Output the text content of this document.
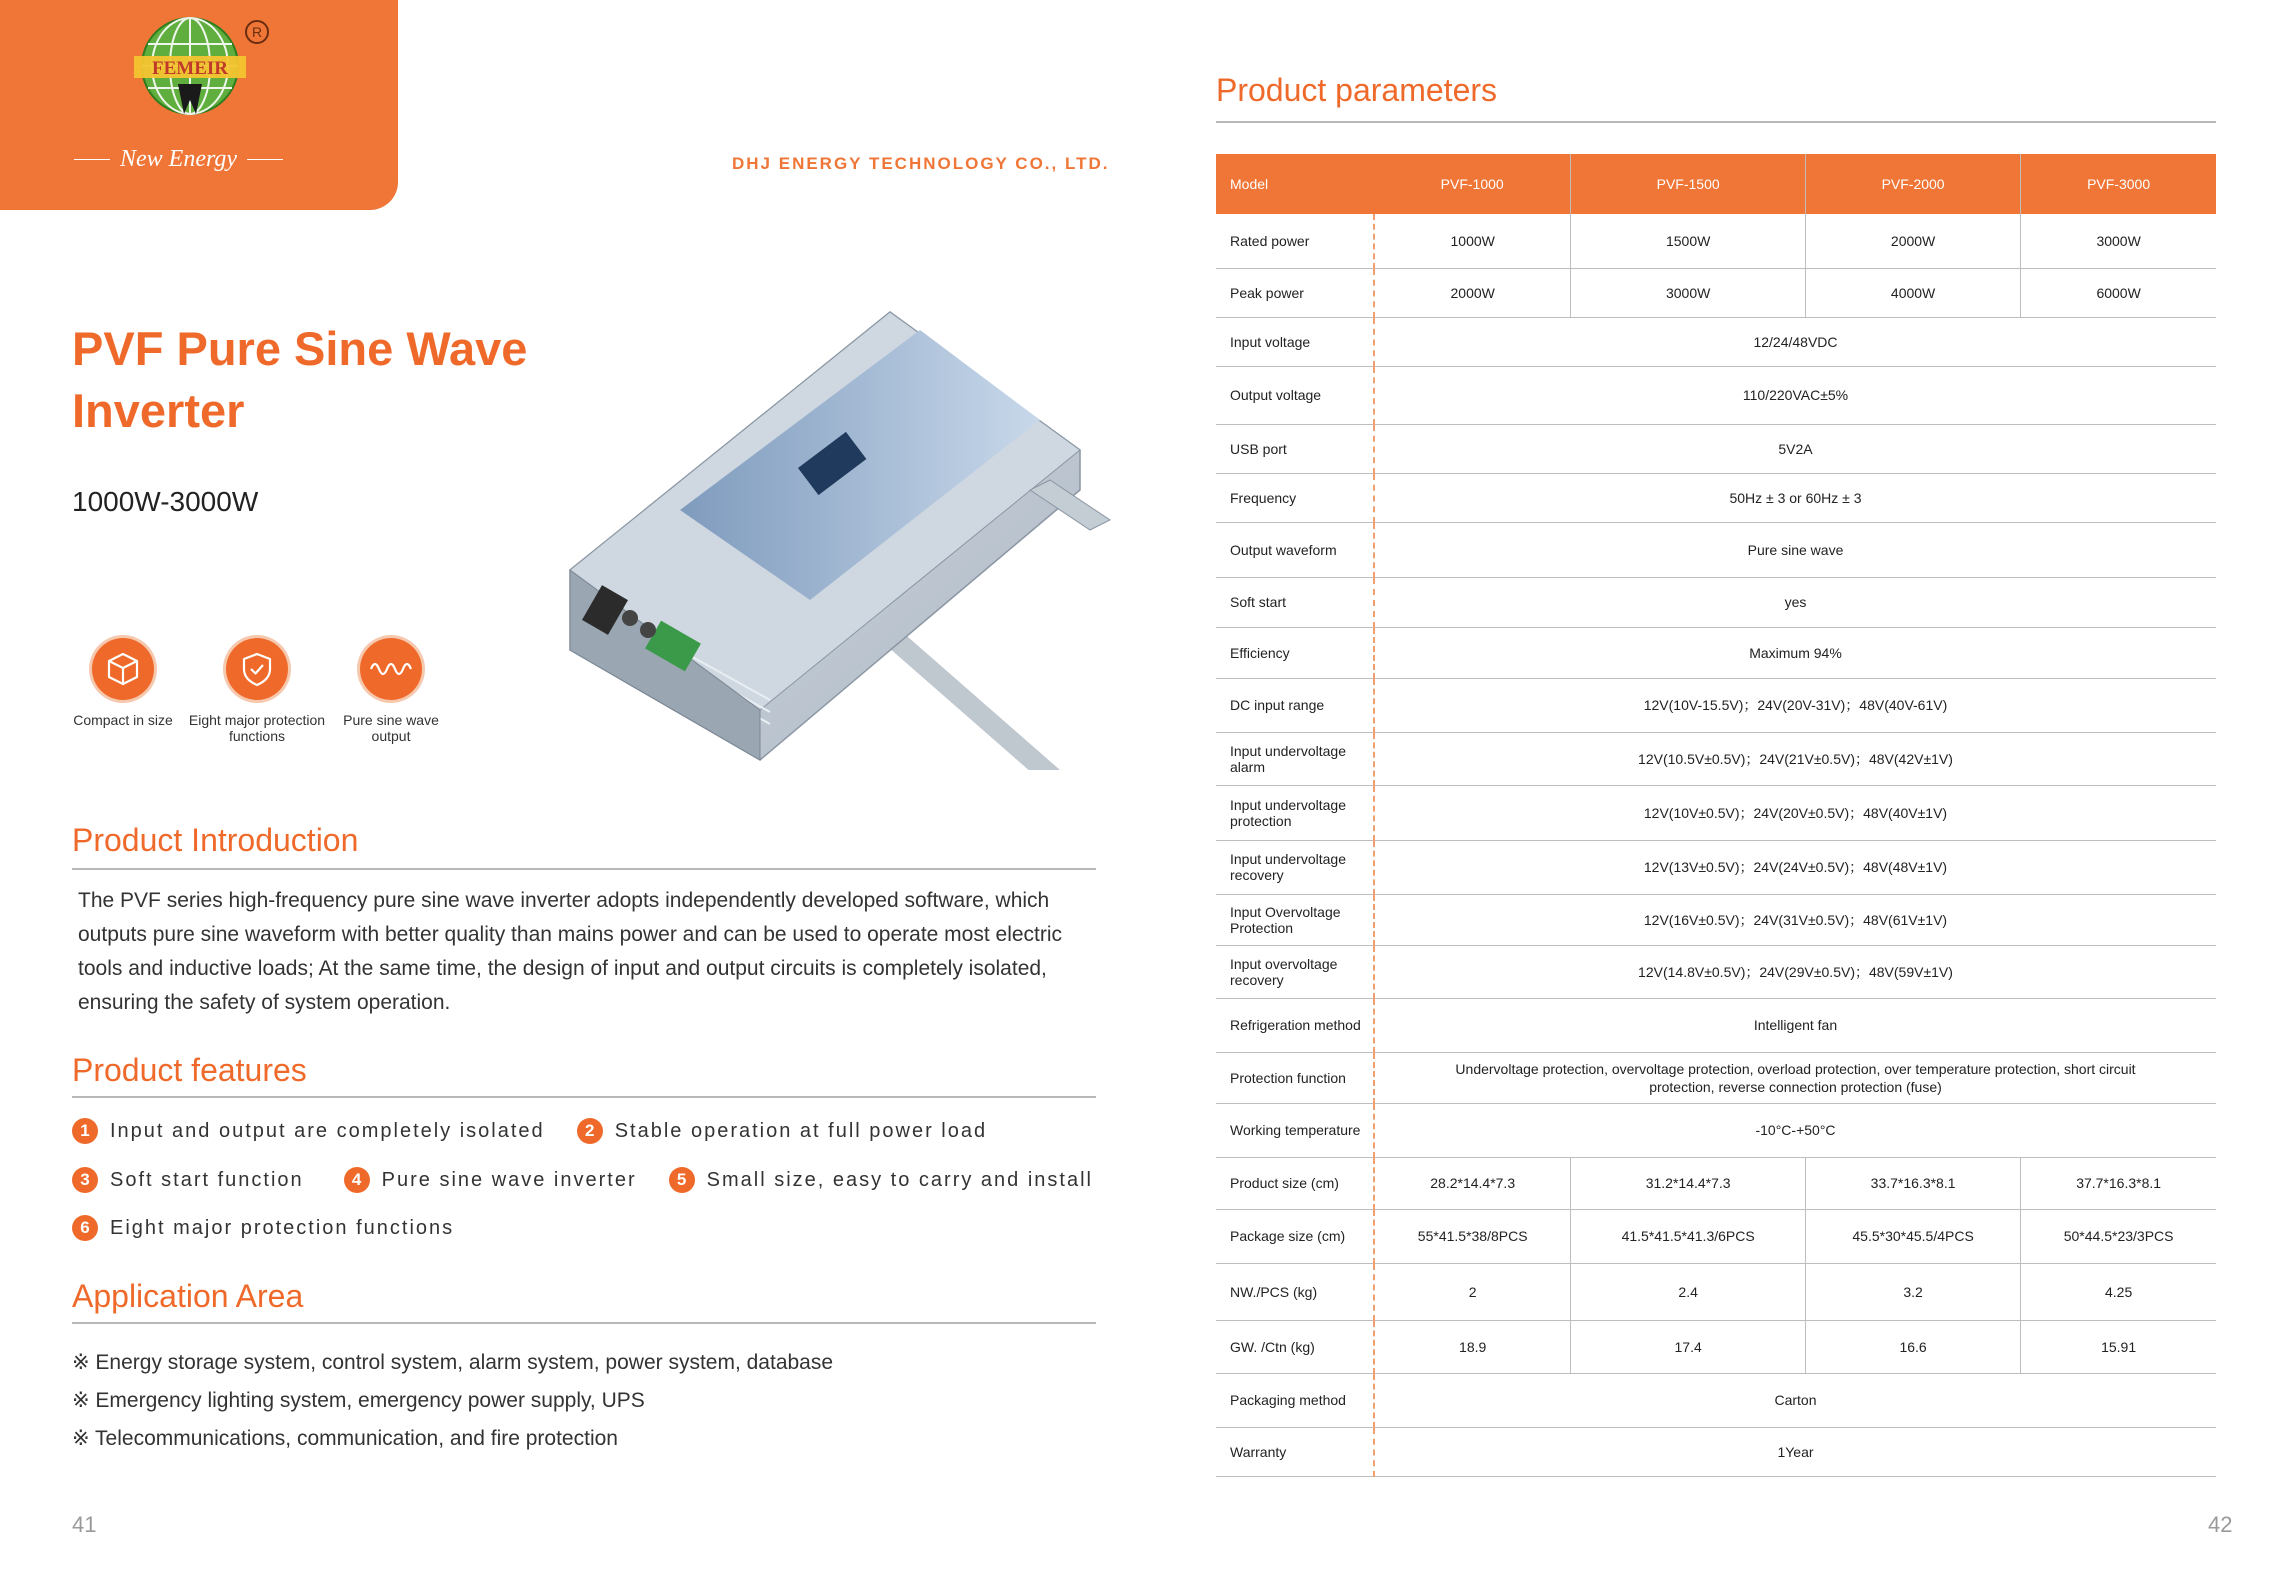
FEMEIR
R
New Energy	DHJ ENERGY TECHNOLOGY CO., LTD.
PVF Pure Sine Wave
Inverter
1000W-3000W
Compact in size Eight major protection functions
Pure sine wave output
Product Introduction
The PVF series high-frequency pure sine wave inverter adopts independently developed software, which outputs pure sine waveform with better quality than mains power and can be used to operate most electric tools and inductive loads; At the same time, the design of input and output circuits is completely isolated, ensuring the safety of system operation.
Product features
1	Input and output are completely isolated	2	Stable operation at full power load
3	Soft start function	4	Pure sine wave inverter	5	Small size, easy to carry and install
6	Eight major protection functions
Application Area
※ Energy storage system, control system, alarm system, power system, database
※ Emergency lighting system, emergency power supply, UPS
※ Telecommunications, communication, and fire protection
41
Product parameters
Model	PVF-1000	PVF-1500	PVF-2000	PVF-3000
Rated power	1000W	1500W	2000W	3000W
Peak power	2000W	3000W	4000W	6000W
Input voltage	12/24/48VDC			
Output voltage	110/220VAC±5%			
USB port	5V2A			
Frequency	50Hz ± 3 or 60Hz ± 3			
Output waveform	Pure sine wave			
Soft start	yes			
Efficiency	Maximum 94%			
DC input range	12V(10V-15.5V)；24V(20V-31V)；48V(40V-61V)			
Input undervoltage alarm	12V(10.5V±0.5V)；24V(21V±0.5V)；48V(42V±1V)			
Input undervoltage protection	12V(10V±0.5V)；24V(20V±0.5V)；48V(40V±1V)			
Input undervoltage recovery	12V(13V±0.5V)；24V(24V±0.5V)；48V(48V±1V)			
Input Overvoltage Protection	12V(16V±0.5V)；24V(31V±0.5V)；48V(61V±1V)			
Input overvoltage recovery	12V(14.8V±0.5V)；24V(29V±0.5V)；48V(59V±1V)			
Refrigeration method	Intelligent fan			
Protection function	Undervoltage protection, overvoltage protection, overload protection, over temperature protection, short circuit protection, reverse connection protection (fuse)			
Working temperature	-10°C-+50°C			
Product size (cm)	28.2*14.4*7.3	31.2*14.4*7.3	33.7*16.3*8.1	37.7*16.3*8.1
Package size (cm)	55*41.5*38/8PCS	41.5*41.5*41.3/6PCS	45.5*30*45.5/4PCS	50*44.5*23/3PCS
NW./PCS (kg)	2	2.4	3.2	4.25
GW. /Ctn (kg)	18.9	17.4	16.6	15.91
Packaging method	Carton			
Warranty	1Year			
42
